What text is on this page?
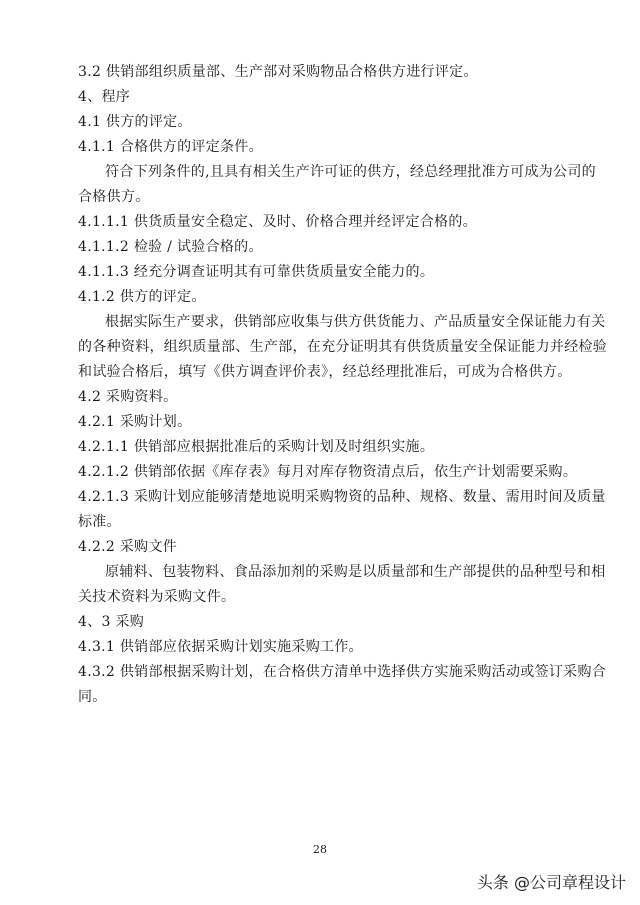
3.2 供销部组织质量部、生产部对采购物品合格供方进行评定。
4、程序
4.1 供方的评定。
4.1.1 合格供方的评定条件。
符合下列条件的,且具有相关生产许可证的供方，经总经理批准方可成为公司的
合格供方。
4.1.1.1 供货质量安全稳定、及时、价格合理并经评定合格的。
4.1.1.2 检验 / 试验合格的。
4.1.1.3 经充分调查证明其有可靠供货质量安全能力的。
4.1.2 供方的评定。
根据实际生产要求，供销部应收集与供方供货能力、产品质量安全保证能力有关
的各种资料，组织质量部、生产部，在充分证明其有供货质量安全保证能力并经检验
和试验合格后，填写《供方调查评价表》，经总经理批准后，可成为合格供方。
4.2 采购资料。
4.2.1 采购计划。
4.2.1.1 供销部应根据批准后的采购计划及时组织实施。
4.2.1.2 供销部依据《库存表》每月对库存物资清点后，依生产计划需要采购。
4.2.1.3 采购计划应能够清楚地说明采购物资的品种、规格、数量、需用时间及质量
标准。
4.2.2 采购文件
原辅料、包装物料、食品添加剂的采购是以质量部和生产部提供的品种型号和相
关技术资料为采购文件。
4、3 采购
4.3.1 供销部应依据采购计划实施采购工作。
4.3.2 供销部根据采购计划，在合格供方清单中选择供方实施采购活动或签订采购合
同。
28
头条 @公司章程设计
